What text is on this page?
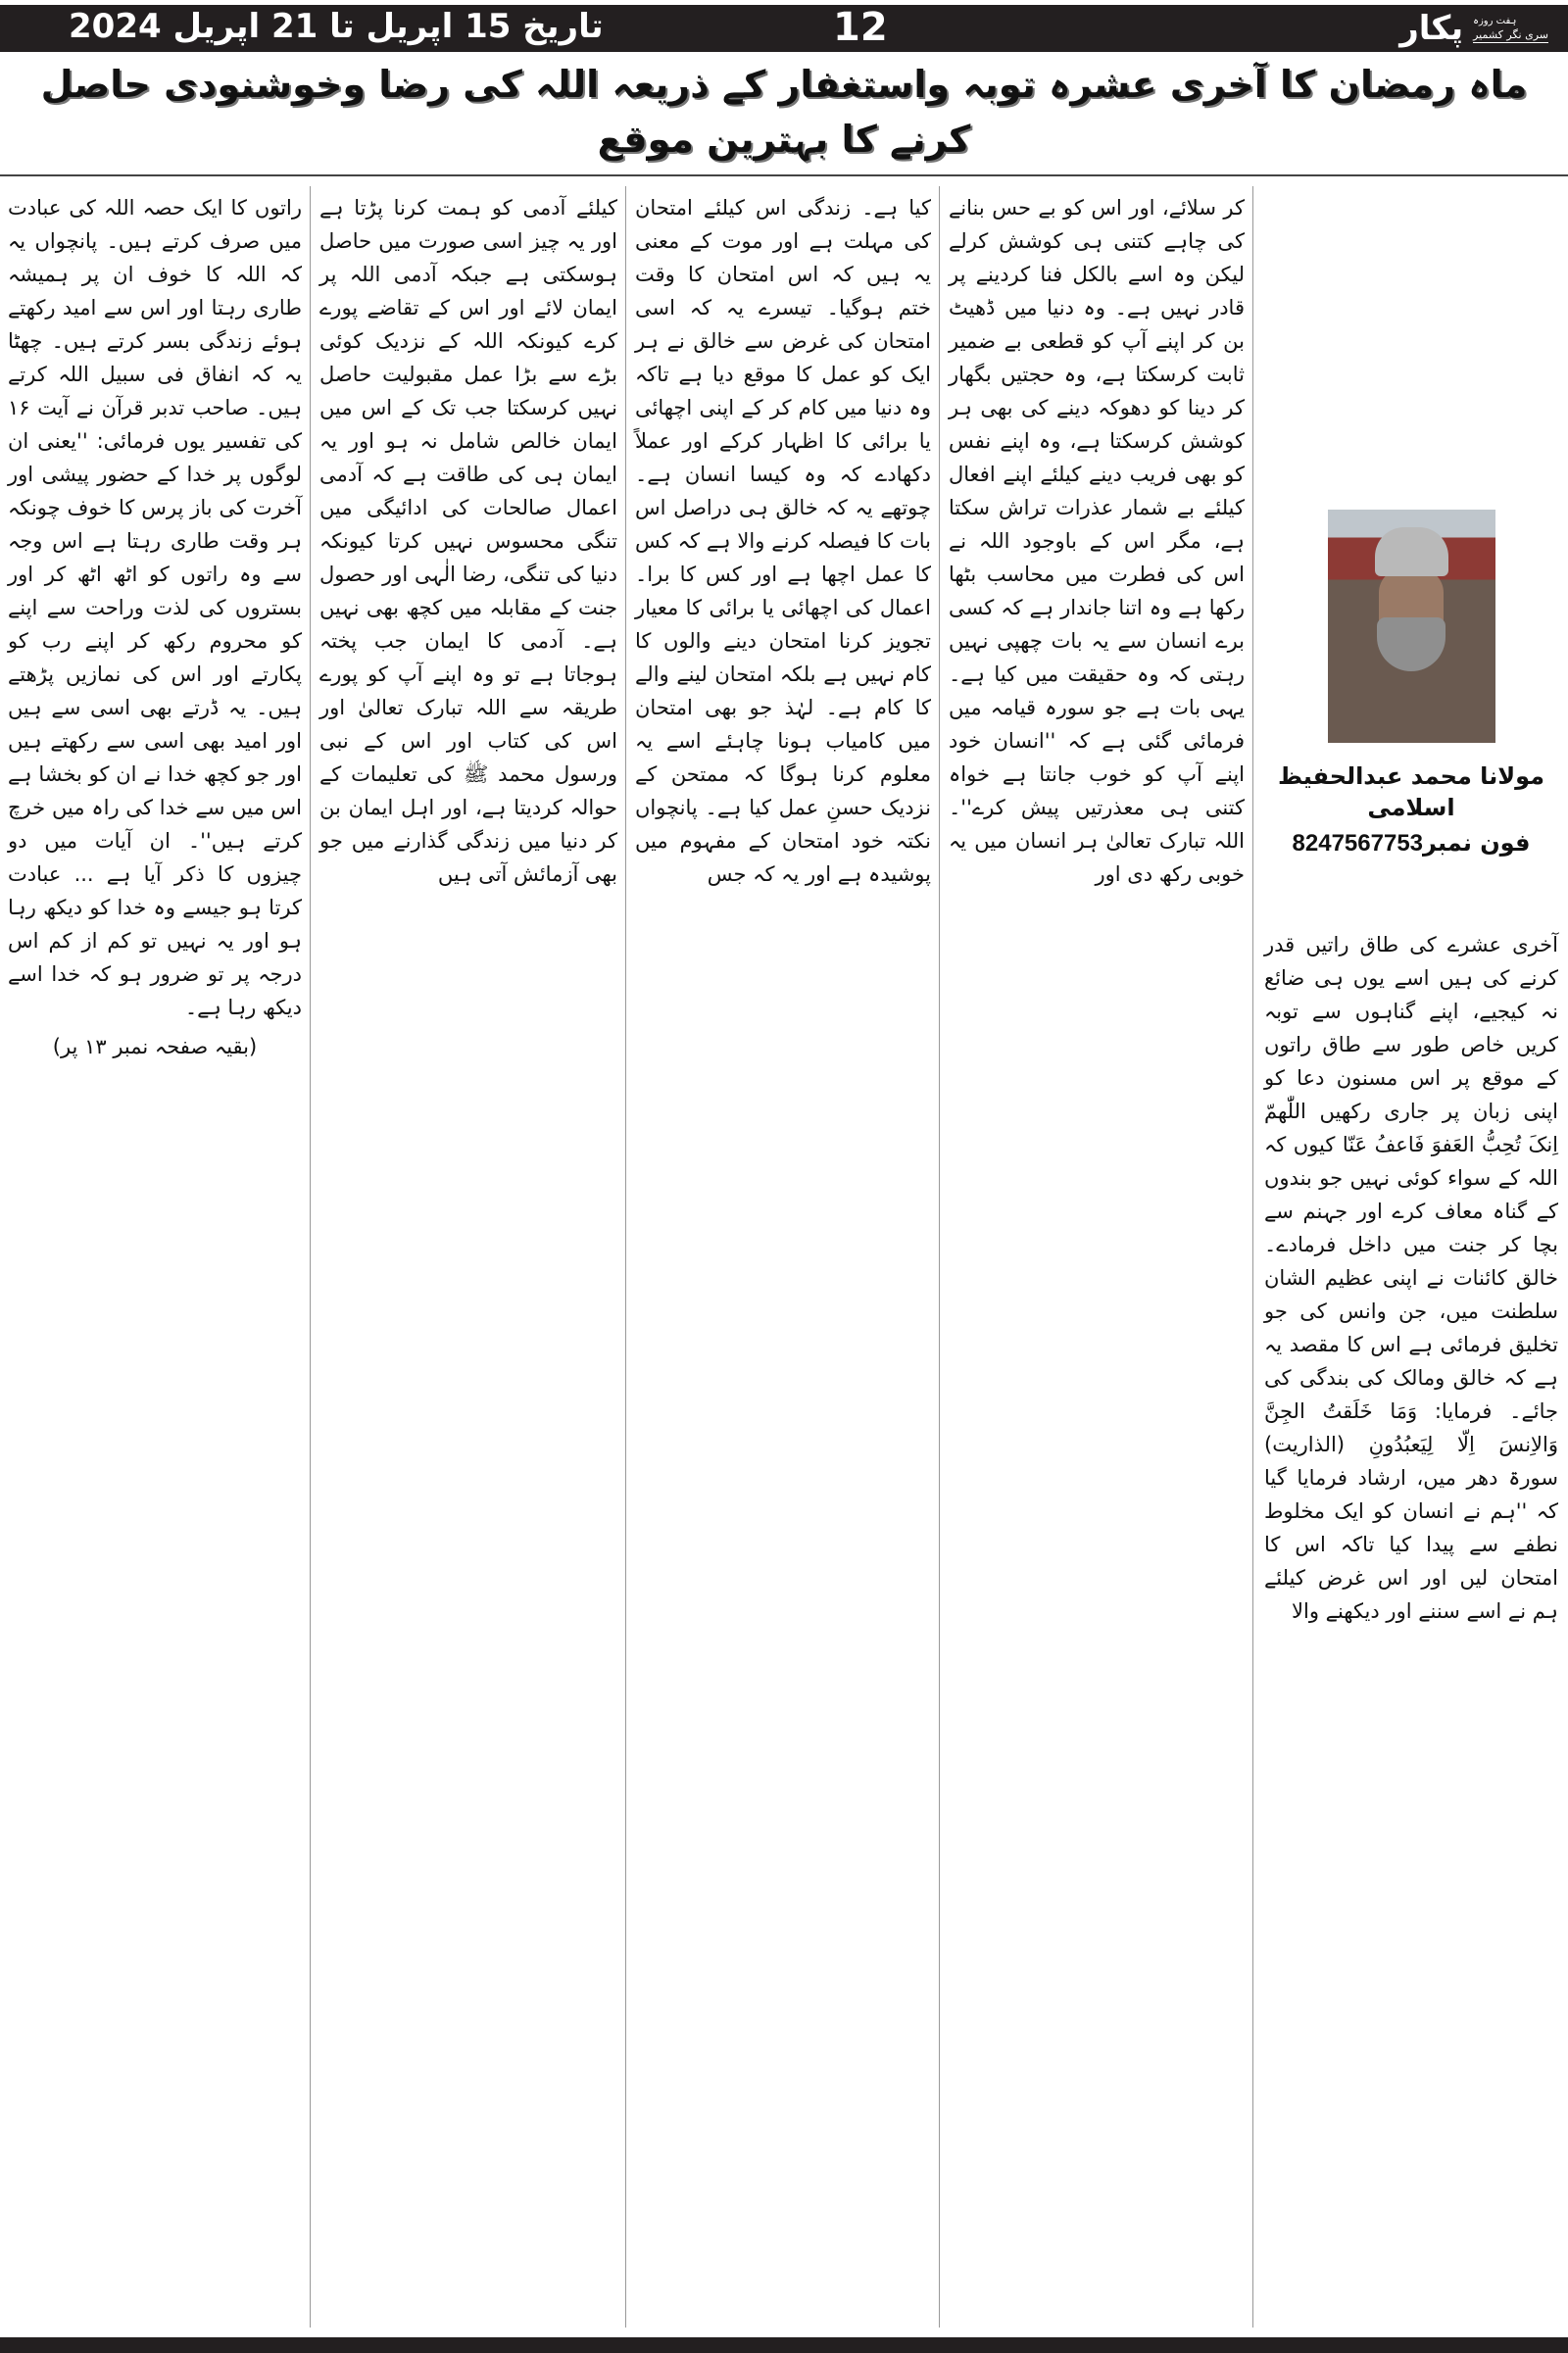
تاریخ 15 اپریل تا 21 اپریل 2024	12	پکار ہفت روزہ
سری نگر کشمیر
ماہ رمضان کا آخری عشرہ توبہ واستغفار کے ذریعہ اللہ کی رضا وخوشنودی حاصل کرنے کا بہترین موقع
مولانا محمد عبدالحفیظ اسلامی
فون نمبر8247567753

آخری عشرے کی طاق راتیں قدر کرنے کی ہیں اسے یوں ہی ضائع نہ کیجیے، اپنے گناہوں سے توبہ کریں خاص طور سے طاق راتوں کے موقع پر اس مسنون دعا کو اپنی زبان پر جاری رکھیں اللّٰھمّ اِنکَ تُحِبُّ العَفوَ فَاعفُ عَنّا کیوں کہ اللہ کے سواء کوئی نہیں جو بندوں کے گناہ معاف کرے اور جہنم سے بچا کر جنت میں داخل فرمادے۔ خالق کائنات نے اپنی عظیم الشان سلطنت میں، جن وانس کی جو تخلیق فرمائی ہے اس کا مقصد یہ ہے کہ خالق ومالک کی بندگی کی جائے۔ فرمایا: وَمَا خَلَقتُ الجِنَّ وَالاِنسَ اِلّا لِیَعبُدُونِ (الذاریت) سورۃ دھر میں، ارشاد فرمایا گیا کہ ''ہم نے انسان کو ایک مخلوط نطفے سے پیدا کیا تاکہ اس کا امتحان لیں اور اس غرض کیلئے ہم نے اسے سننے اور دیکھنے والا

کر سلائے، اور اس کو بے حس بنانے کی چاہے کتنی ہی کوشش کرلے لیکن وہ اسے بالکل فنا کردینے پر قادر نہیں ہے۔ وہ دنیا میں ڈھیٹ بن کر اپنے آپ کو قطعی بے ضمیر ثابت کرسکتا ہے، وہ حجتیں بگھار کر دینا کو دھوکہ دینے کی بھی ہر کوشش کرسکتا ہے، وہ اپنے نفس کو بھی فریب دینے کیلئے اپنے افعال کیلئے بے شمار عذرات تراش سکتا ہے، مگر اس کے باوجود اللہ نے اس کی فطرت میں محاسب بٹھا رکھا ہے وہ اتنا جاندار ہے کہ کسی برے انسان سے یہ بات چھپی نہیں رہتی کہ وہ حقیقت میں کیا ہے۔ یہی بات ہے جو سورہ قیامہ میں فرمائی گئی ہے کہ ''انسان خود اپنے آپ کو خوب جانتا ہے خواہ کتنی ہی معذرتیں پیش کرے''۔ اللہ تبارک تعالیٰ ہر انسان میں یہ خوبی رکھ دی اور

کیا ہے۔ زندگی اس کیلئے امتحان کی مہلت ہے اور موت کے معنی یہ ہیں کہ اس امتحان کا وقت ختم ہوگیا۔ تیسرے یہ کہ اسی امتحان کی غرض سے خالق نے ہر ایک کو عمل کا موقع دیا ہے تاکہ وہ دنیا میں کام کر کے اپنی اچھائی یا برائی کا اظہار کرکے اور عملاً دکھادے کہ وہ کیسا انسان ہے۔ چوتھے یہ کہ خالق ہی دراصل اس بات کا فیصلہ کرنے والا ہے کہ کس کا عمل اچھا ہے اور کس کا برا۔ اعمال کی اچھائی یا برائی کا معیار تجویز کرنا امتحان دینے والوں کا کام نہیں ہے بلکہ امتحان لینے والے کا کام ہے۔ لہٰذ جو بھی امتحان میں کامیاب ہونا چاہئے اسے یہ معلوم کرنا ہوگا کہ ممتحن کے نزدیک حسنِ عمل کیا ہے۔ پانچواں نکتہ خود امتحان کے مفہوم میں پوشیدہ ہے اور یہ کہ جس

کیلئے آدمی کو ہمت کرنا پڑتا ہے اور یہ چیز اسی صورت میں حاصل ہوسکتی ہے جبکہ آدمی اللہ پر ایمان لائے اور اس کے تقاضے پورے کرے کیونکہ اللہ کے نزدیک کوئی بڑے سے بڑا عمل مقبولیت حاصل نہیں کرسکتا جب تک کے اس میں ایمان خالص شامل نہ ہو اور یہ ایمان ہی کی طاقت ہے کہ آدمی اعمال صالحات کی ادائیگی میں تنگی محسوس نہیں کرتا کیونکہ دنیا کی تنگی، رضا الٰہی اور حصول جنت کے مقابلہ میں کچھ بھی نہیں ہے۔ آدمی کا ایمان جب پختہ ہوجاتا ہے تو وہ اپنے آپ کو پورے طریقہ سے اللہ تبارک تعالیٰ اور اس کی کتاب اور اس کے نبی ورسول محمد ﷺ کی تعلیمات کے حوالہ کردیتا ہے، اور اہل ایمان بن کر دنیا میں زندگی گذارنے میں جو بھی آزمائش آتی ہیں

راتوں کا ایک حصہ اللہ کی عبادت میں صرف کرتے ہیں۔ پانچواں یہ کہ اللہ کا خوف ان پر ہمیشہ طاری رہتا اور اس سے امید رکھتے ہوئے زندگی بسر کرتے ہیں۔ چھٹا یہ کہ انفاق فی سبیل اللہ کرتے ہیں۔ صاحب تدبر قرآن نے آیت ۱۶ کی تفسیر یوں فرمائی: ''یعنی ان لوگوں پر خدا کے حضور پیشی اور آخرت کی باز پرس کا خوف چونکہ ہر وقت طاری رہتا ہے اس وجہ سے وہ راتوں کو اٹھ اٹھ کر اور بستروں کی لذت وراحت سے اپنے کو محروم رکھ کر اپنے رب کو پکارتے اور اس کی نمازیں پڑھتے ہیں۔ یہ ڈرتے بھی اسی سے ہیں اور امید بھی اسی سے رکھتے ہیں اور جو کچھ خدا نے ان کو بخشا ہے اس میں سے خدا کی راہ میں خرچ کرتے ہیں''۔ ان آیات میں دو چیزوں کا ذکر آیا ہے ... عبادت کرتا ہو جیسے وہ خدا کو دیکھ رہا ہو اور یہ نہیں تو کم از کم اس درجہ پر تو ضرور ہو کہ خدا اسے دیکھ رہا ہے۔

(بقیہ صفحہ نمبر ۱۳ پر)
